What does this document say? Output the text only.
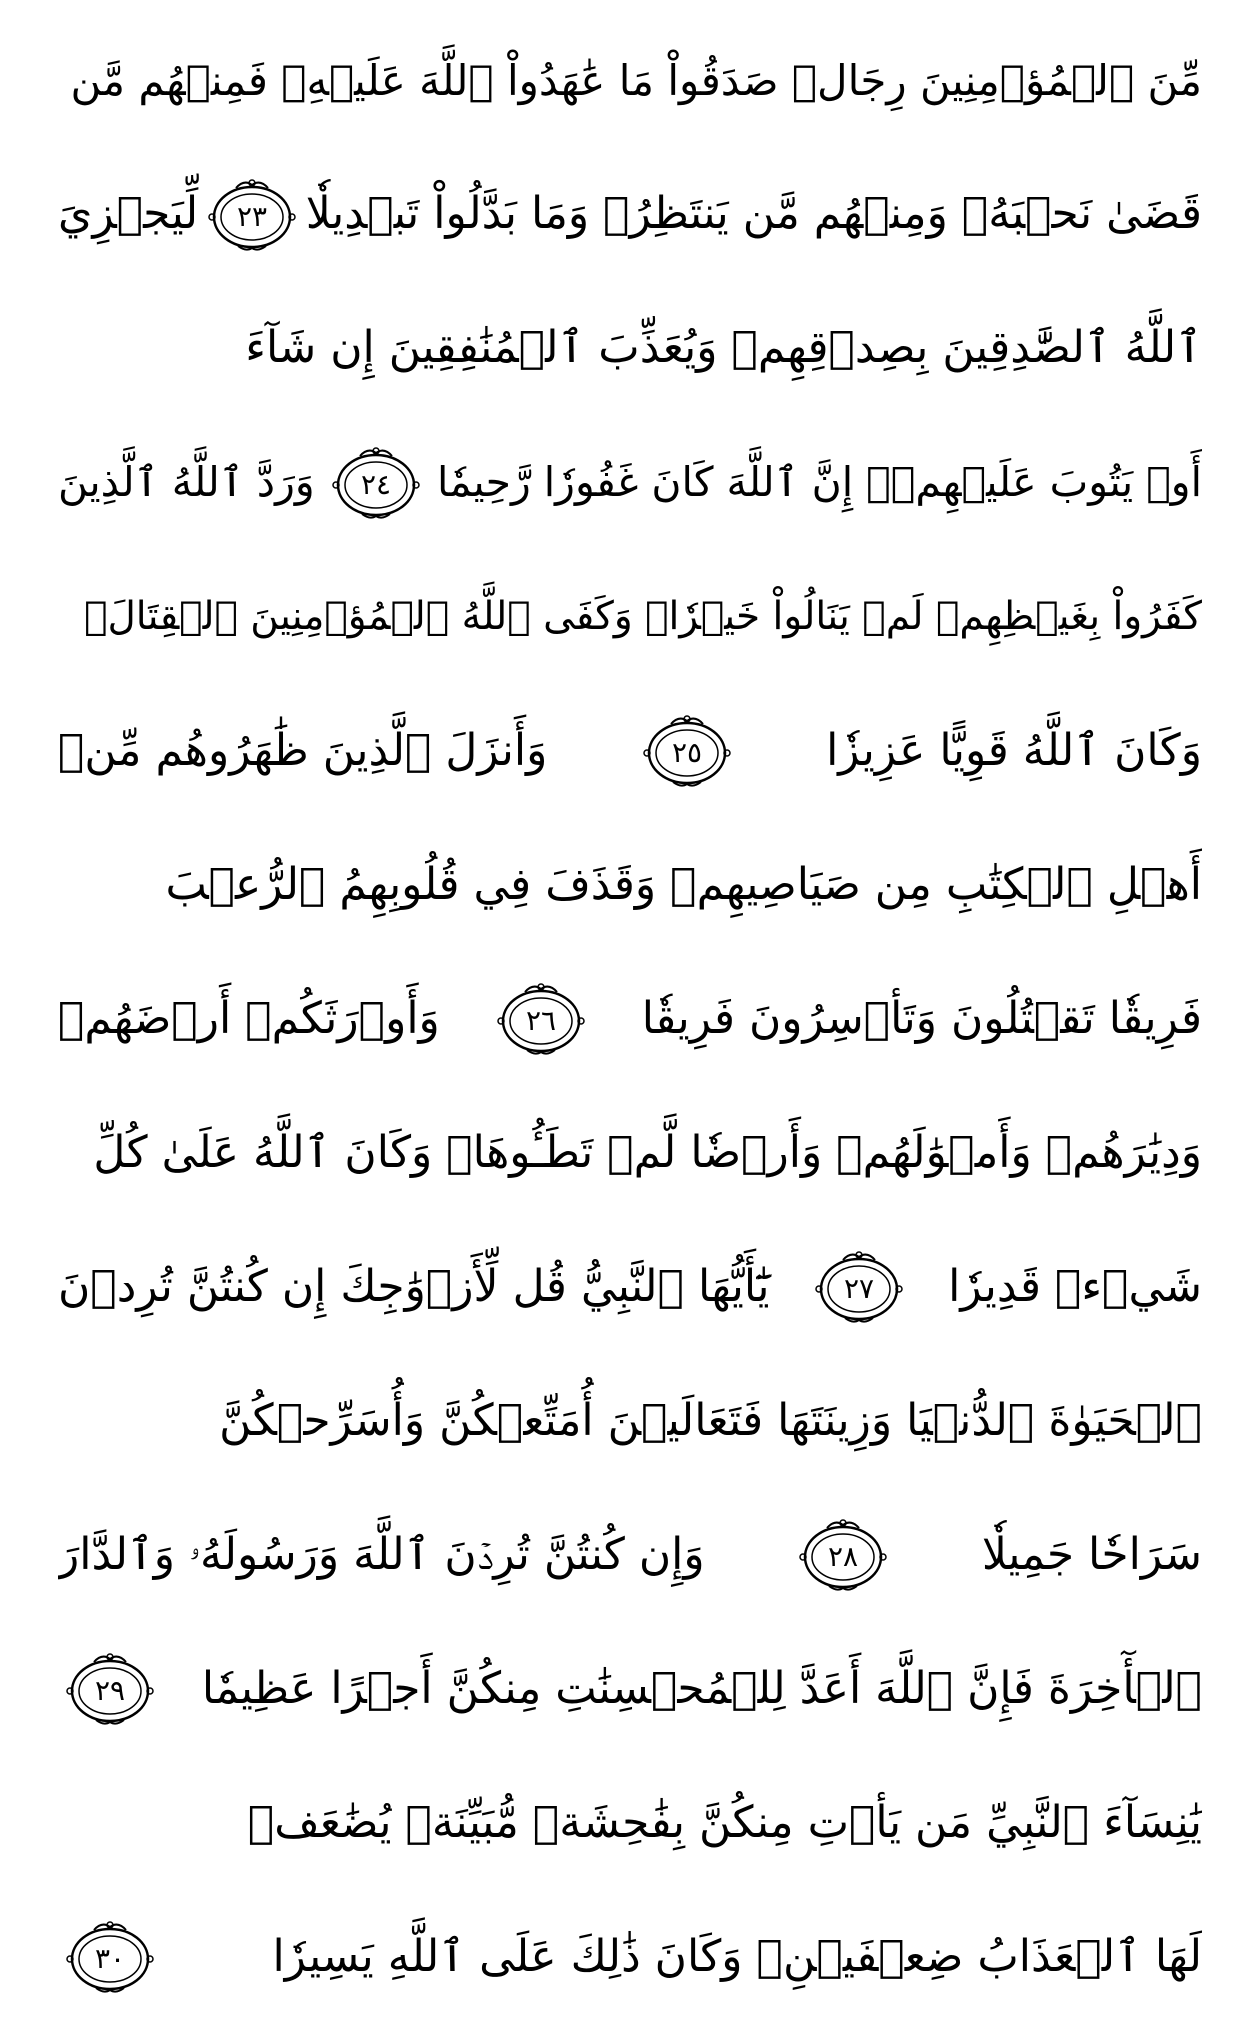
مِّنَ ٱلۡمُؤۡمِنِينَ رِجَالٞ صَدَقُواْ مَا عَٰهَدُواْ ٱللَّهَ عَلَيۡهِۖ فَمِنۡهُم مَّن
قَضَىٰ نَحۡبَهُۥ وَمِنۡهُم مَّن يَنتَظِرُۖ وَمَا بَدَّلُواْ تَبۡدِيلٗا
٢٣
لِّيَجۡزِيَ
ٱللَّهُ ٱلصَّٰدِقِينَ بِصِدۡقِهِمۡ وَيُعَذِّبَ ٱلۡمُنَٰفِقِينَ إِن شَآءَ
أَوۡ يَتُوبَ عَلَيۡهِمۡۚ إِنَّ ٱللَّهَ كَانَ غَفُورٗا رَّحِيمٗا
٢٤
وَرَدَّ ٱللَّهُ ٱلَّذِينَ
كَفَرُواْ بِغَيۡظِهِمۡ لَمۡ يَنَالُواْ خَيۡرٗاۚ وَكَفَى ٱللَّهُ ٱلۡمُؤۡمِنِينَ ٱلۡقِتَالَۚ
وَكَانَ ٱللَّهُ قَوِيًّا عَزِيزٗا
٢٥
وَأَنزَلَ ٱلَّذِينَ ظَٰهَرُوهُم مِّنۡ
أَهۡلِ ٱلۡكِتَٰبِ مِن صَيَاصِيهِمۡ وَقَذَفَ فِي قُلُوبِهِمُ ٱلرُّعۡبَ
فَرِيقٗا تَقۡتُلُونَ وَتَأۡسِرُونَ فَرِيقٗا
٢٦
وَأَوۡرَثَكُمۡ أَرۡضَهُمۡ
وَدِيَٰرَهُمۡ وَأَمۡوَٰلَهُمۡ وَأَرۡضٗا لَّمۡ تَطَـُٔوهَاۚ وَكَانَ ٱللَّهُ عَلَىٰ كُلِّ
شَيۡءٖ قَدِيرٗا
٢٧
يَٰٓأَيُّهَا ٱلنَّبِيُّ قُل لِّأَزۡوَٰجِكَ إِن كُنتُنَّ تُرِدۡنَ
ٱلۡحَيَوٰةَ ٱلدُّنۡيَا وَزِينَتَهَا فَتَعَالَيۡنَ أُمَتِّعۡكُنَّ وَأُسَرِّحۡكُنَّ
سَرَاحٗا جَمِيلٗا
٢٨
وَإِن كُنتُنَّ تُرِدۡنَ ٱللَّهَ وَرَسُولَهُۥ وَٱلدَّارَ
ٱلۡأٓخِرَةَ فَإِنَّ ٱللَّهَ أَعَدَّ لِلۡمُحۡسِنَٰتِ مِنكُنَّ أَجۡرًا عَظِيمٗا
٢٩
يَٰنِسَآءَ ٱلنَّبِيِّ مَن يَأۡتِ مِنكُنَّ بِفَٰحِشَةٖ مُّبَيِّنَةٖ يُضَٰعَفۡ
لَهَا ٱلۡعَذَابُ ضِعۡفَيۡنِۚ وَكَانَ ذَٰلِكَ عَلَى ٱللَّهِ يَسِيرٗا
٣٠
